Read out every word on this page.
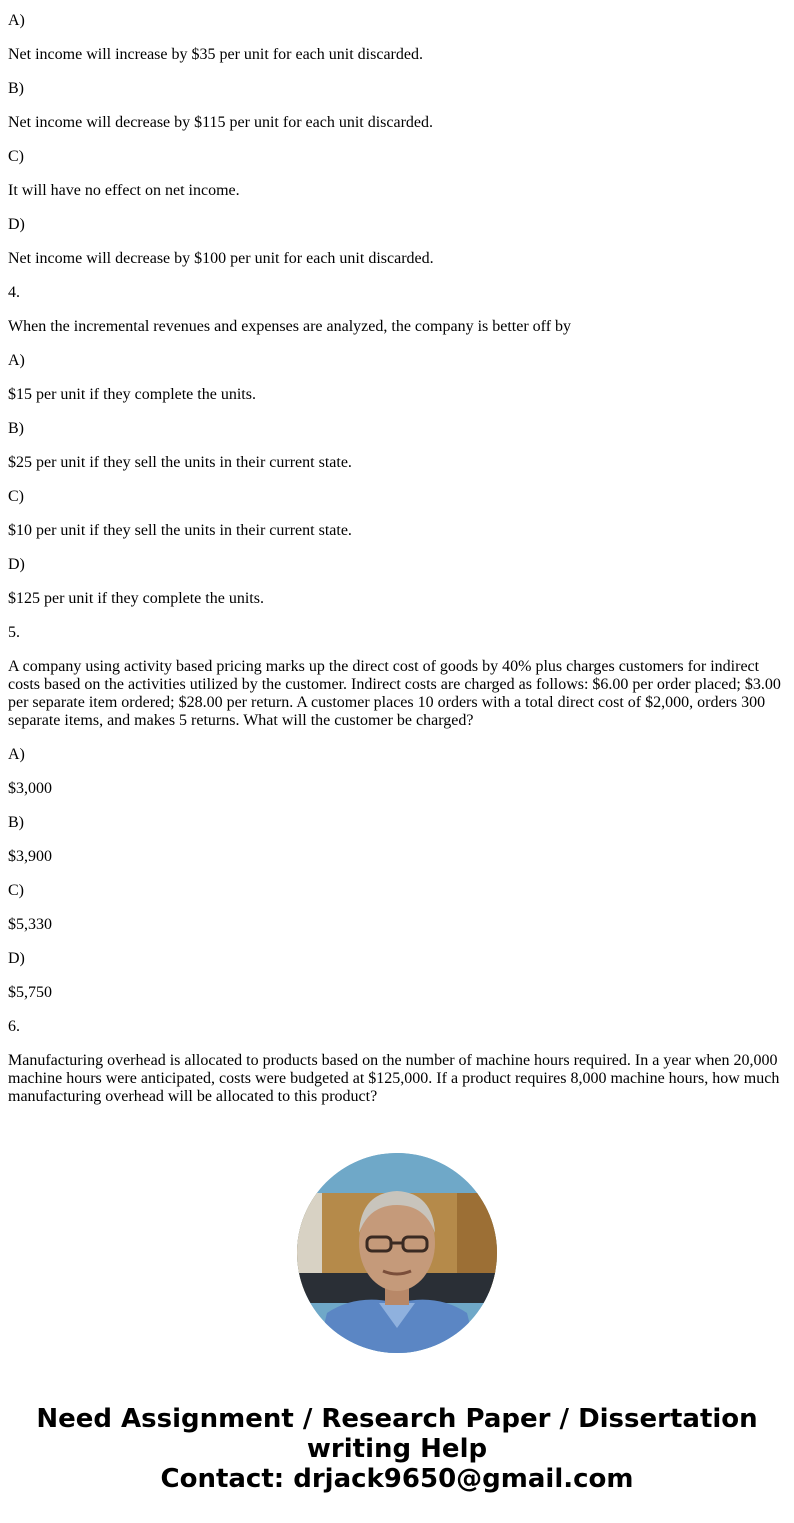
A)

Net income will increase by $35 per unit for each unit discarded.

B)

Net income will decrease by $115 per unit for each unit discarded.

C)

It will have no effect on net income.

D)

Net income will decrease by $100 per unit for each unit discarded.

4.

When the incremental revenues and expenses are analyzed, the company is better off by

A)

$15 per unit if they complete the units.

B)

$25 per unit if they sell the units in their current state.

C)

$10 per unit if they sell the units in their current state.

D)

$125 per unit if they complete the units.

5.

A company using activity based pricing marks up the direct cost of goods by 40% plus charges customers for indirect costs based on the activities utilized by the customer. Indirect costs are charged as follows: $6.00 per order placed; $3.00 per separate item ordered; $28.00 per return. A customer places 10 orders with a total direct cost of $2,000, orders 300 separate items, and makes 5 returns. What will the customer be charged?

A)

$3,000

B)

$3,900

C)

$5,330

D)

$5,750

6.

Manufacturing overhead is allocated to products based on the number of machine hours required. In a year when 20,000 machine hours were anticipated, costs were budgeted at $125,000. If a product requires 8,000 machine hours, how much manufacturing overhead will be allocated to this product?

Need Assignment / Research Paper / Dissertation
writing Help
Contact: drjack9650@gmail.com
